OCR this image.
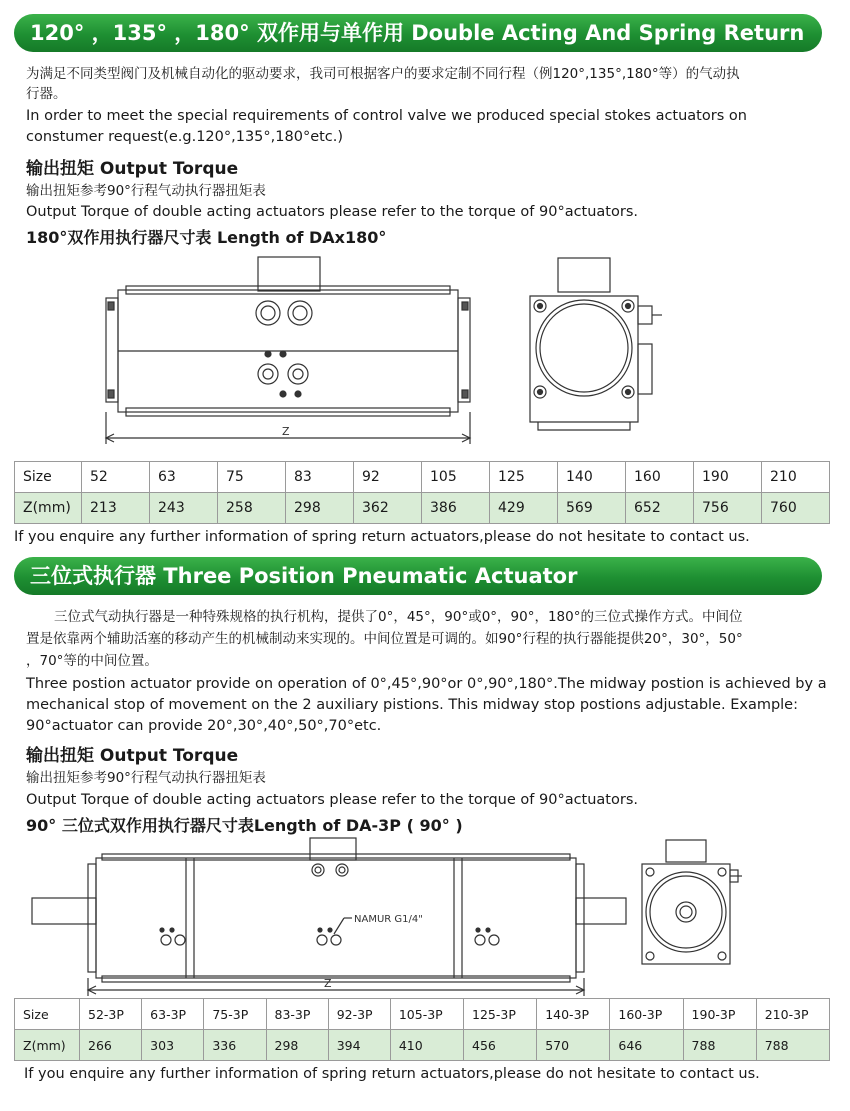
120° ，135° ，180° 双作用与单作用 Double Acting And Spring Return
为满足不同类型阀门及机械自动化的驱动要求，我司可根据客户的要求定制不同行程（例120°,135°,180°等）的气动执
行器。
In order to meet the special requirements of control valve we produced special stokes actuators on
constumer request(e.g.120°,135°,180°etc.)
输出扭矩 Output Torque
输出扭矩参考90°行程气动执行器扭矩表
Output Torque of double acting actuators please refer to the torque of 90°actuators.
180°双作用执行器尺寸表 Length of DAx180°
Z
Size	52	63	75	83	92	105	125	140	160	190	210
Z(mm)	213	243	258	298	362	386	429	569	652	756	760
If you enquire any further information of spring return actuators,please do not hesitate to contact us.
三位式执行器 Three Position Pneumatic Actuator
三位式气动执行器是一种特殊规格的执行机构，提供了0°，45°，90°或0°，90°，180°的三位式操作方式。中间位
置是依靠两个辅助活塞的移动产生的机械制动来实现的。中间位置是可调的。如90°行程的执行器能提供20°，30°，50°
，70°等的中间位置。
Three postion actuator provide on operation of 0°,45°,90°or 0°,90°,180°.The midway postion is achieved by a
mechanical stop of movement on the 2 auxiliary pistions. This midway stop postions adjustable. Example:
90°actuator can provide 20°,30°,40°,50°,70°etc.
输出扭矩 Output Torque
输出扭矩参考90°行程气动执行器扭矩表
Output Torque of double acting actuators please refer to the torque of 90°actuators.
90° 三位式双作用执行器尺寸表Length of DA-3P ( 90° )
NAMUR G1/4"
Z
Size	52-3P	63-3P	75-3P	83-3P	92-3P	105-3P	125-3P	140-3P	160-3P	190-3P	210-3P
Z(mm)	266	303	336	298	394	410	456	570	646	788	788
If you enquire any further information of spring return actuators,please do not hesitate to contact us.
